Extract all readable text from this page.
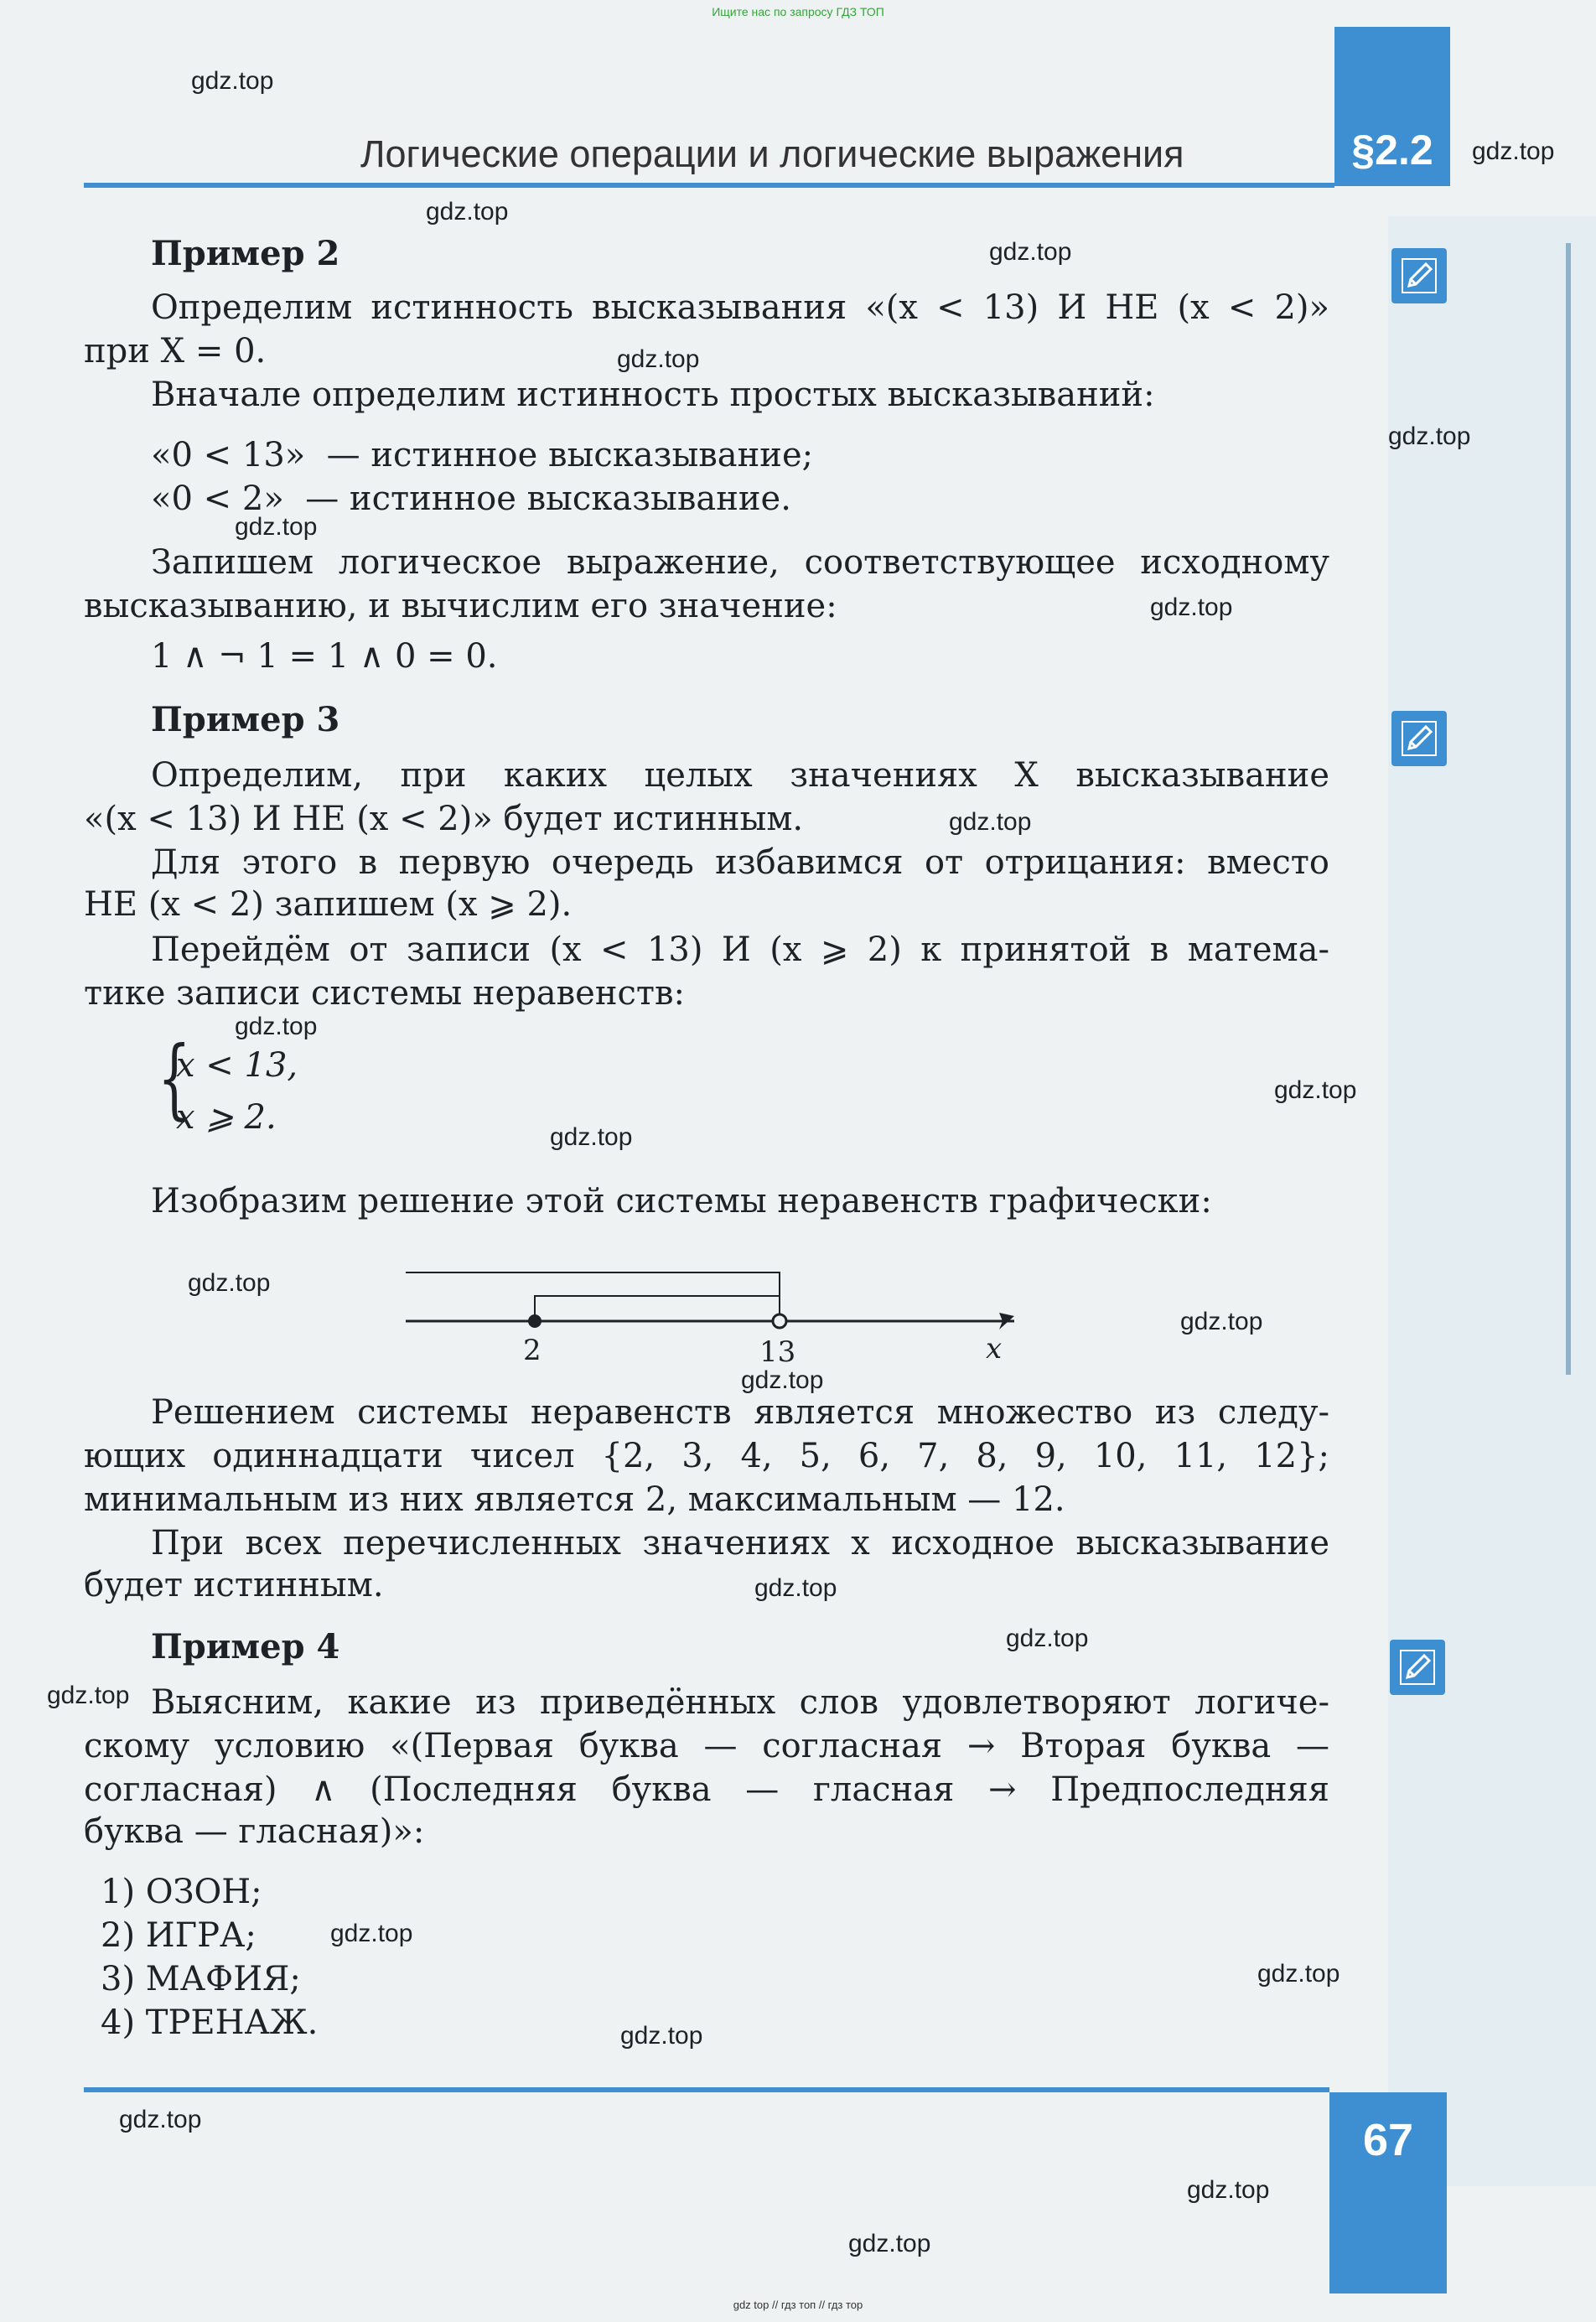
Ищите нас по запросу ГДЗ ТОП
§2.2
Логические операции и логические выражения
Пример 2
Определим истинность высказывания «(x < 13) И НЕ (x < 2)»
при X = 0.
Вначале определим истинность простых высказываний:
«0 < 13»  — истинное высказывание;
«0 < 2»  — истинное высказывание.
Запишем логическое выражение, соответствующее исходному
высказыванию, и вычислим его значение:
1 ∧ ¬ 1 = 1 ∧ 0 = 0.
Пример 3
Определим, при каких целых значениях X высказывание
«(x < 13) И НЕ (x < 2)» будет истинным.
Для этого в первую очередь избавимся от отрицания: вместо
НЕ (x < 2) запишем (x ⩾ 2).
Перейдём от записи (x < 13) И (x ⩾ 2) к принятой в матема-
тике записи системы неравенств:
{
x < 13,
x ⩾ 2.
Изобразим решение этой системы неравенств графически:
2	13	x
Решением системы неравенств является множество из следу-
ющих одиннадцати чисел {2, 3, 4, 5, 6, 7, 8, 9, 10, 11, 12};
минимальным из них является 2, максимальным — 12.
При всех перечисленных значениях x исходное высказывание
будет истинным.
Пример 4
Выясним, какие из приведённых слов удовлетворяют логиче-
скому условию «(Первая буква — согласная → Вторая буква —
согласная) ∧ (Последняя буква — гласная → Предпоследняя
буква — гласная)»:
1) ОЗОН;
2) ИГРА;
3) МАФИЯ;
4) ТРЕНАЖ.
67
gdz.top
gdz.top
gdz.top
gdz.top
gdz.top
gdz.top
gdz.top
gdz.top
gdz.top
gdz.top
gdz.top
gdz.top
gdz.top
gdz.top
gdz.top
gdz.top
gdz.top
gdz.top
gdz.top
gdz.top
gdz.top
gdz.top
gdz.top
gdz.top
gdz top // гдз топ // гдз тор
